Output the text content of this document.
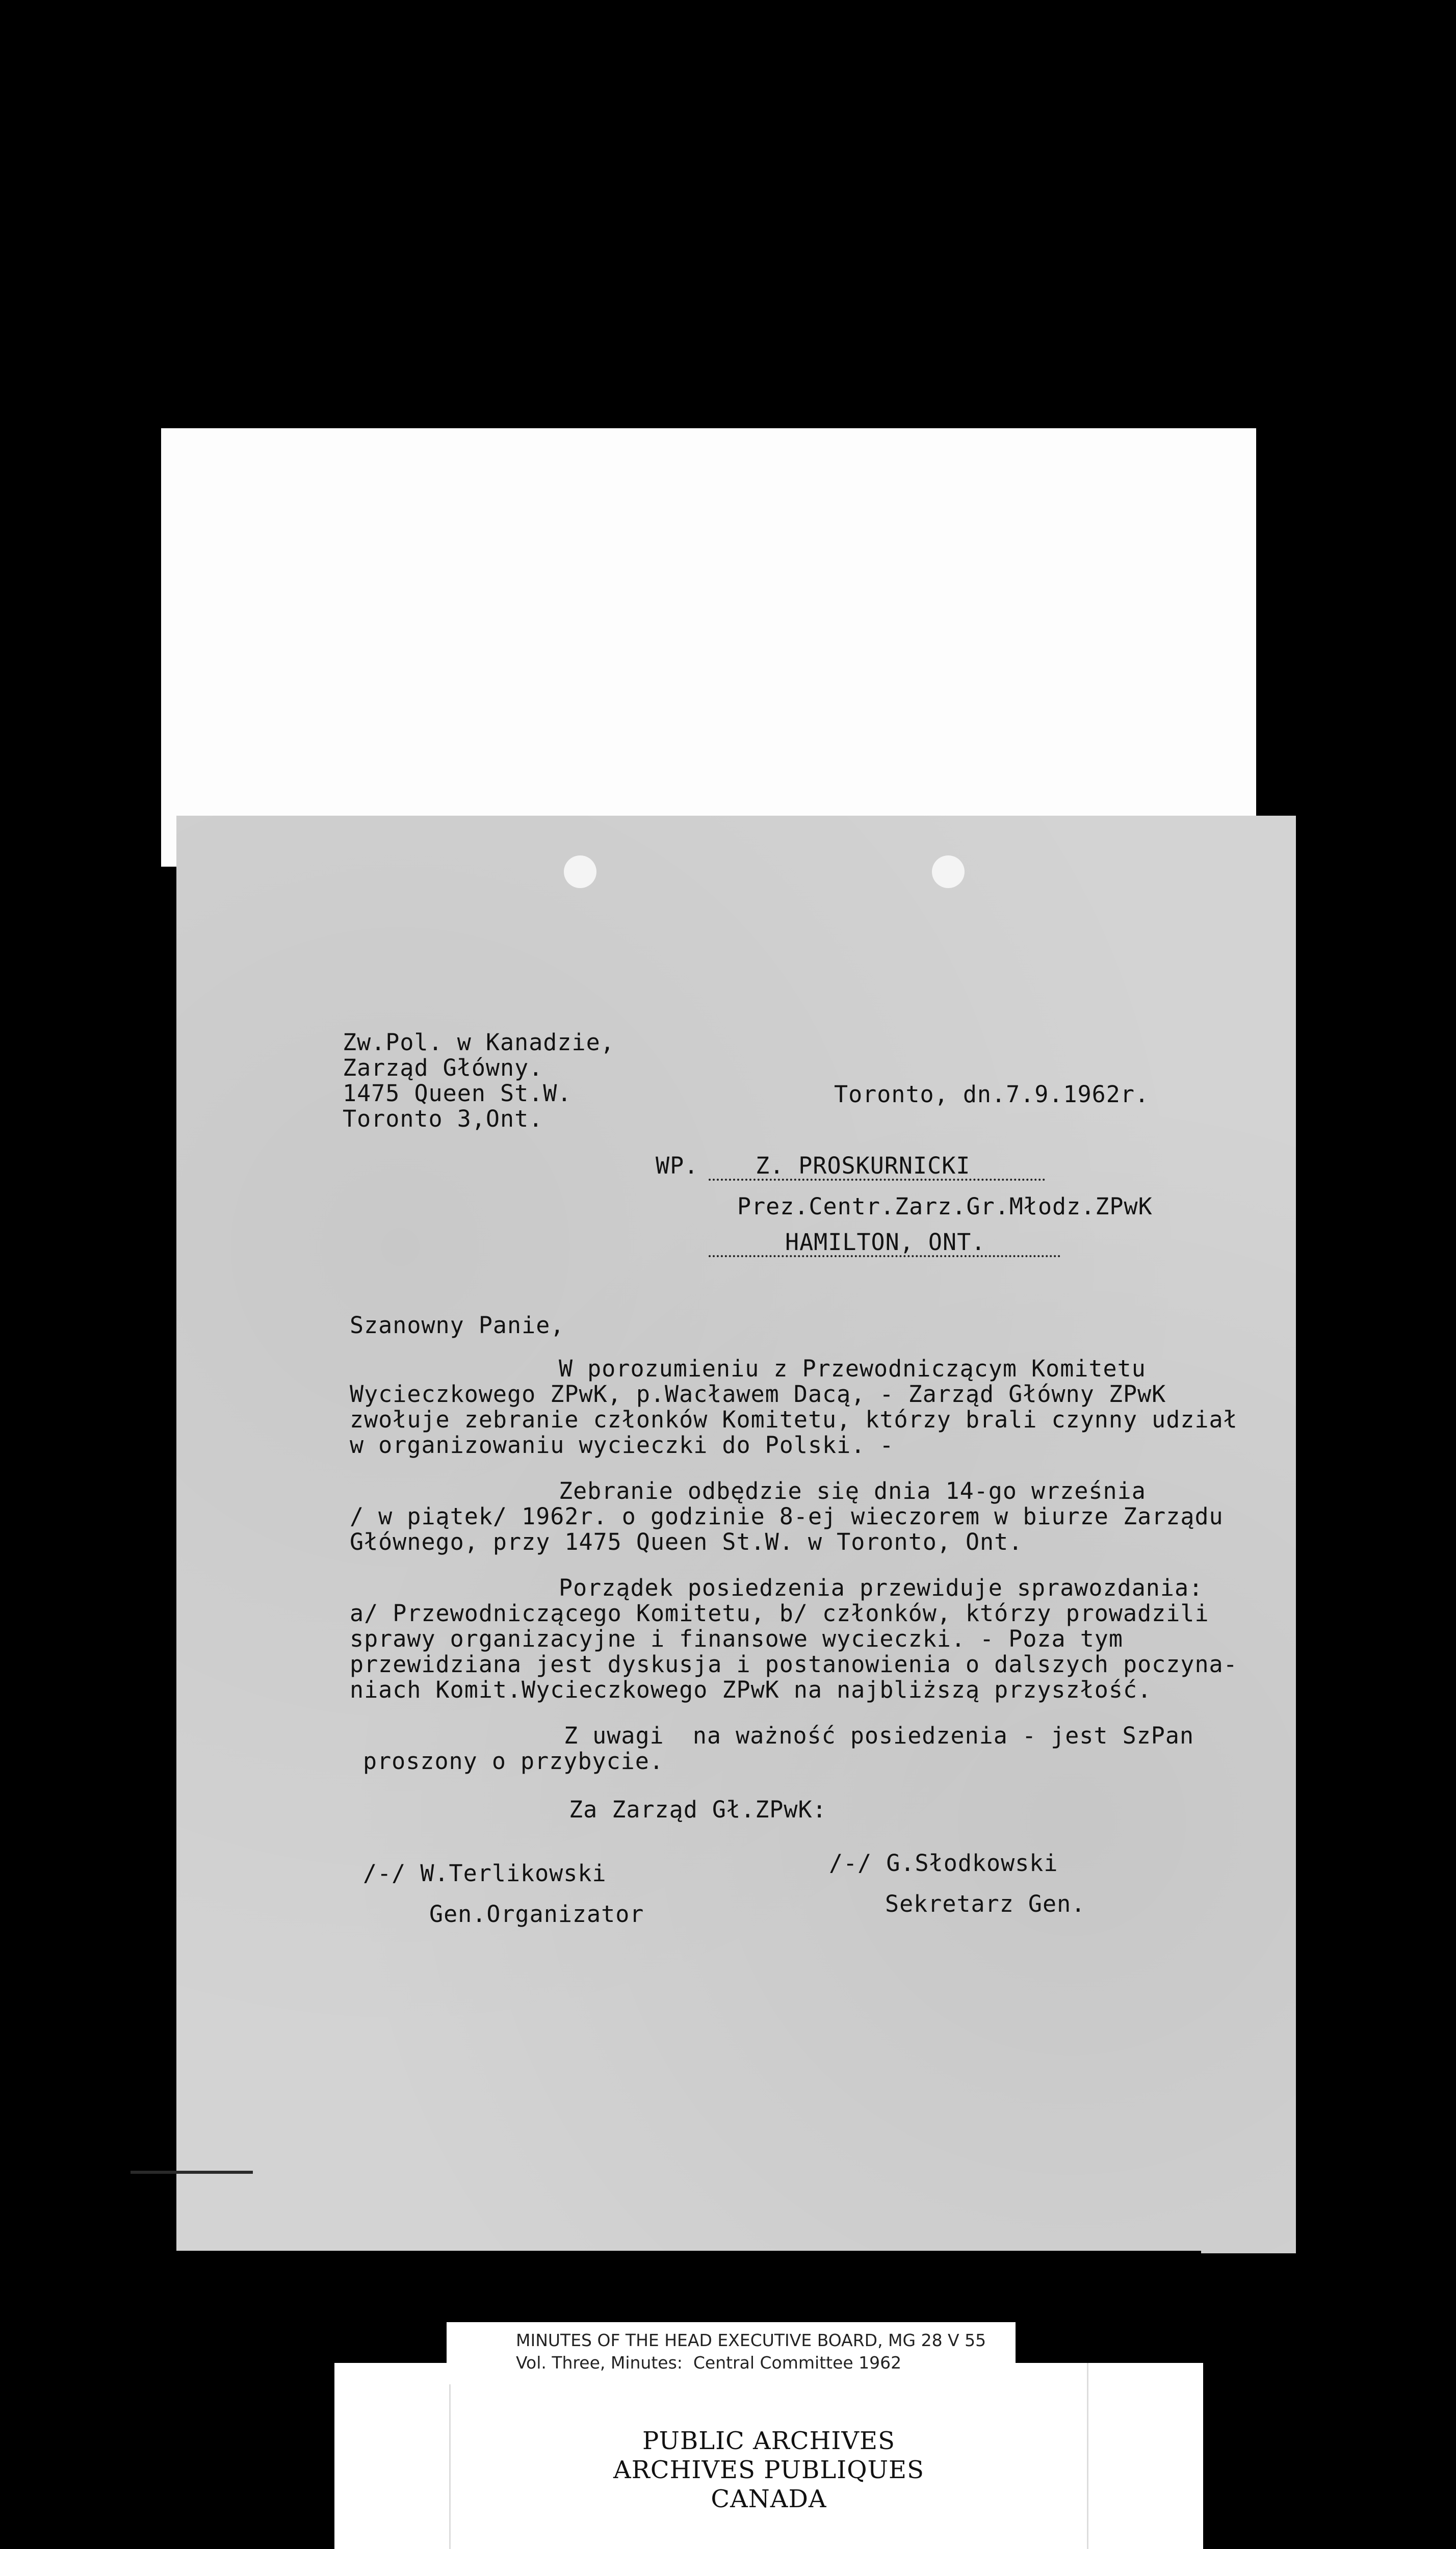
Zw.Pol. w Kanadzie,
Zarząd Główny.
1475 Queen St.W.
Toronto 3,Ont.
Toronto, dn.7.9.1962r.
WP.	Z. PROSKURNICKI
Prez.Centr.Zarz.Gr.Młodz.ZPwK
HAMILTON, ONT.
Szanowny Panie,
W porozumieniu z Przewodniczącym Komitetu
Wycieczkowego ZPwK, p.Wacławem Dacą, - Zarząd Główny ZPwK
zwołuje zebranie członków Komitetu, którzy brali czynny udział
w organizowaniu wycieczki do Polski. -
Zebranie odbędzie się dnia 14-go września
/ w piątek/ 1962r. o godzinie 8-ej wieczorem w biurze Zarządu
Głównego, przy 1475 Queen St.W. w Toronto, Ont.
Porządek posiedzenia przewiduje sprawozdania:
a/ Przewodniczącego Komitetu, b/ członków, którzy prowadzili
sprawy organizacyjne i finansowe wycieczki. - Poza tym
przewidziana jest dyskusja i postanowienia o dalszych poczyna-
niach Komit.Wycieczkowego ZPwK na najbliższą przyszłość.
Z uwagi  na ważność posiedzenia - jest SzPan
proszony o przybycie.
Za Zarząd Gł.ZPwK:
/-/ W.Terlikowski
Gen.Organizator
/-/ G.Słodkowski
Sekretarz Gen.
PUBLIC ARCHIVES
ARCHIVES PUBLIQUES
CANADA
MINUTES OF THE HEAD EXECUTIVE BOARD, MG 28 V 55
Vol. Three, Minutes:  Central Committee 1962
